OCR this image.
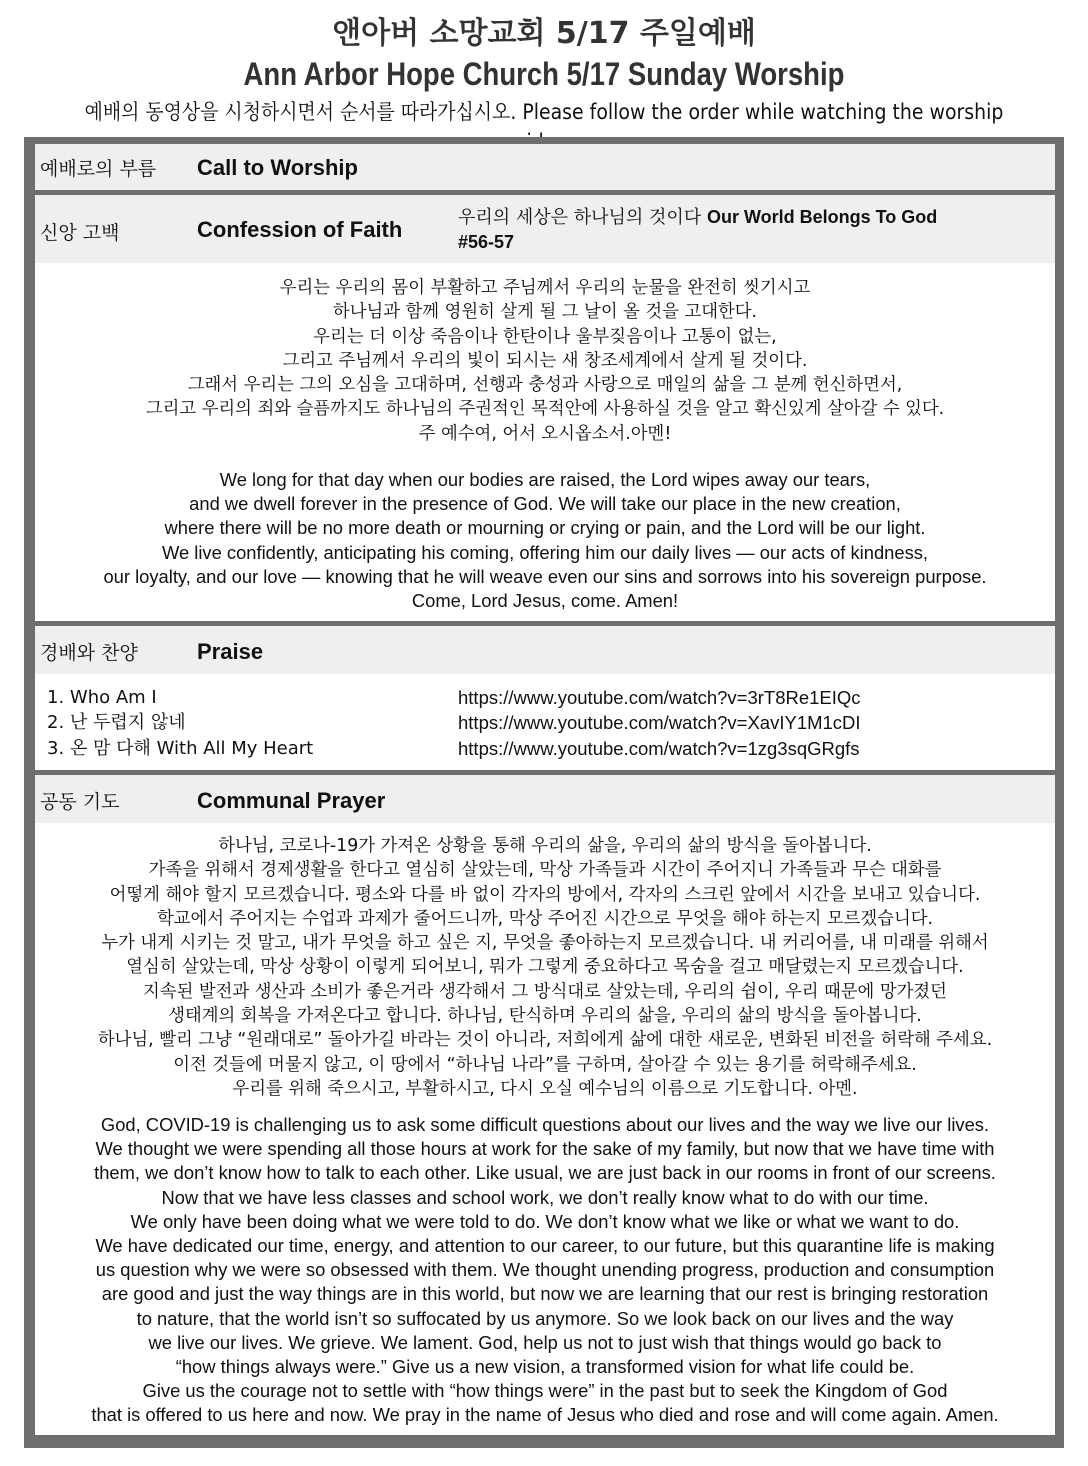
앤아버 소망교회 5/17 주일예배
Ann Arbor Hope Church 5/17 Sunday Worship
예배의 동영상을 시청하시면서 순서를 따라가십시오. Please follow the order while watching the worship
예배로의 부름 Call to Worship
신앙 고백	Confession of Faith	우리의 세상은 하나님의 것이다 Our World Belongs To God
#56-57
우리는 우리의 몸이 부활하고 주님께서 우리의 눈물을 완전히 씻기시고
하나님과 함께 영원히 살게 될 그 날이 올 것을 고대한다.
우리는 더 이상 죽음이나 한탄이나 울부짖음이나 고통이 없는,
그리고 주님께서 우리의 빛이 되시는 새 창조세계에서 살게 될 것이다.
그래서 우리는 그의 오심을 고대하며, 선행과 충성과 사랑으로 매일의 삶을 그 분께 헌신하면서,
그리고 우리의 죄와 슬픔까지도 하나님의 주권적인 목적안에 사용하실 것을 알고 확신있게 살아갈 수 있다.
주 예수여, 어서 오시옵소서.아멘!
We long for that day when our bodies are raised, the Lord wipes away our tears,
and we dwell forever in the presence of God. We will take our place in the new creation,
where there will be no more death or mourning or crying or pain, and the Lord will be our light.
We live confidently, anticipating his coming, offering him our daily lives — our acts of kindness,
our loyalty, and our love — knowing that he will weave even our sins and sorrows into his sovereign purpose.
Come, Lord Jesus, come. Amen!
경배와 찬양	Praise
1. Who Am I	https://www.youtube.com/watch?v=3rT8Re1EIQc
2. 난 두렵지 않네	https://www.youtube.com/watch?v=XavIY1M1cDI
3. 온 맘 다해 With All My Heart	https://www.youtube.com/watch?v=1zg3sqGRgfs
공동 기도	Communal Prayer
하나님, 코로나-19가 가져온 상황을 통해 우리의 삶을, 우리의 삶의 방식을 돌아봅니다.
가족을 위해서 경제생활을 한다고 열심히 살았는데, 막상 가족들과 시간이 주어지니 가족들과 무슨 대화를
어떻게 해야 할지 모르겠습니다. 평소와 다를 바 없이 각자의 방에서, 각자의 스크린 앞에서 시간을 보내고 있습니다.
학교에서 주어지는 수업과 과제가 줄어드니까, 막상 주어진 시간으로 무엇을 해야 하는지 모르겠습니다.
누가 내게 시키는 것 말고, 내가 무엇을 하고 싶은 지, 무엇을 좋아하는지 모르겠습니다. 내 커리어를, 내 미래를 위해서
열심히 살았는데, 막상 상황이 이렇게 되어보니, 뭐가 그렇게 중요하다고 목숨을 걸고 매달렸는지 모르겠습니다.
지속된 발전과 생산과 소비가 좋은거라 생각해서 그 방식대로 살았는데, 우리의 쉼이, 우리 때문에 망가졌던
생태계의 회복을 가져온다고 합니다. 하나님, 탄식하며 우리의 삶을, 우리의 삶의 방식을 돌아봅니다.
하나님, 빨리 그냥 “원래대로” 돌아가길 바라는 것이 아니라, 저희에게 삶에 대한 새로운, 변화된 비전을 허락해 주세요.
이전 것들에 머물지 않고, 이 땅에서 “하나님 나라”를 구하며, 살아갈 수 있는 용기를 허락해주세요.
우리를 위해 죽으시고, 부활하시고, 다시 오실 예수님의 이름으로 기도합니다. 아멘.
God, COVID-19 is challenging us to ask some difficult questions about our lives and the way we live our lives.
We thought we were spending all those hours at work for the sake of my family, but now that we have time with
them, we don’t know how to talk to each other. Like usual, we are just back in our rooms in front of our screens.
Now that we have less classes and school work, we don’t really know what to do with our time.
We only have been doing what we were told to do. We don’t know what we like or what we want to do.
We have dedicated our time, energy, and attention to our career, to our future, but this quarantine life is making
us question why we were so obsessed with them. We thought unending progress, production and consumption
are good and just the way things are in this world, but now we are learning that our rest is bringing restoration
to nature, that the world isn’t so suffocated by us anymore. So we look back on our lives and the way
we live our lives. We grieve. We lament. God, help us not to just wish that things would go back to
“how things always were.” Give us a new vision, a transformed vision for what life could be.
Give us the courage not to settle with “how things were” in the past but to seek the Kingdom of God
that is offered to us here and now. We pray in the name of Jesus who died and rose and will come again. Amen.
